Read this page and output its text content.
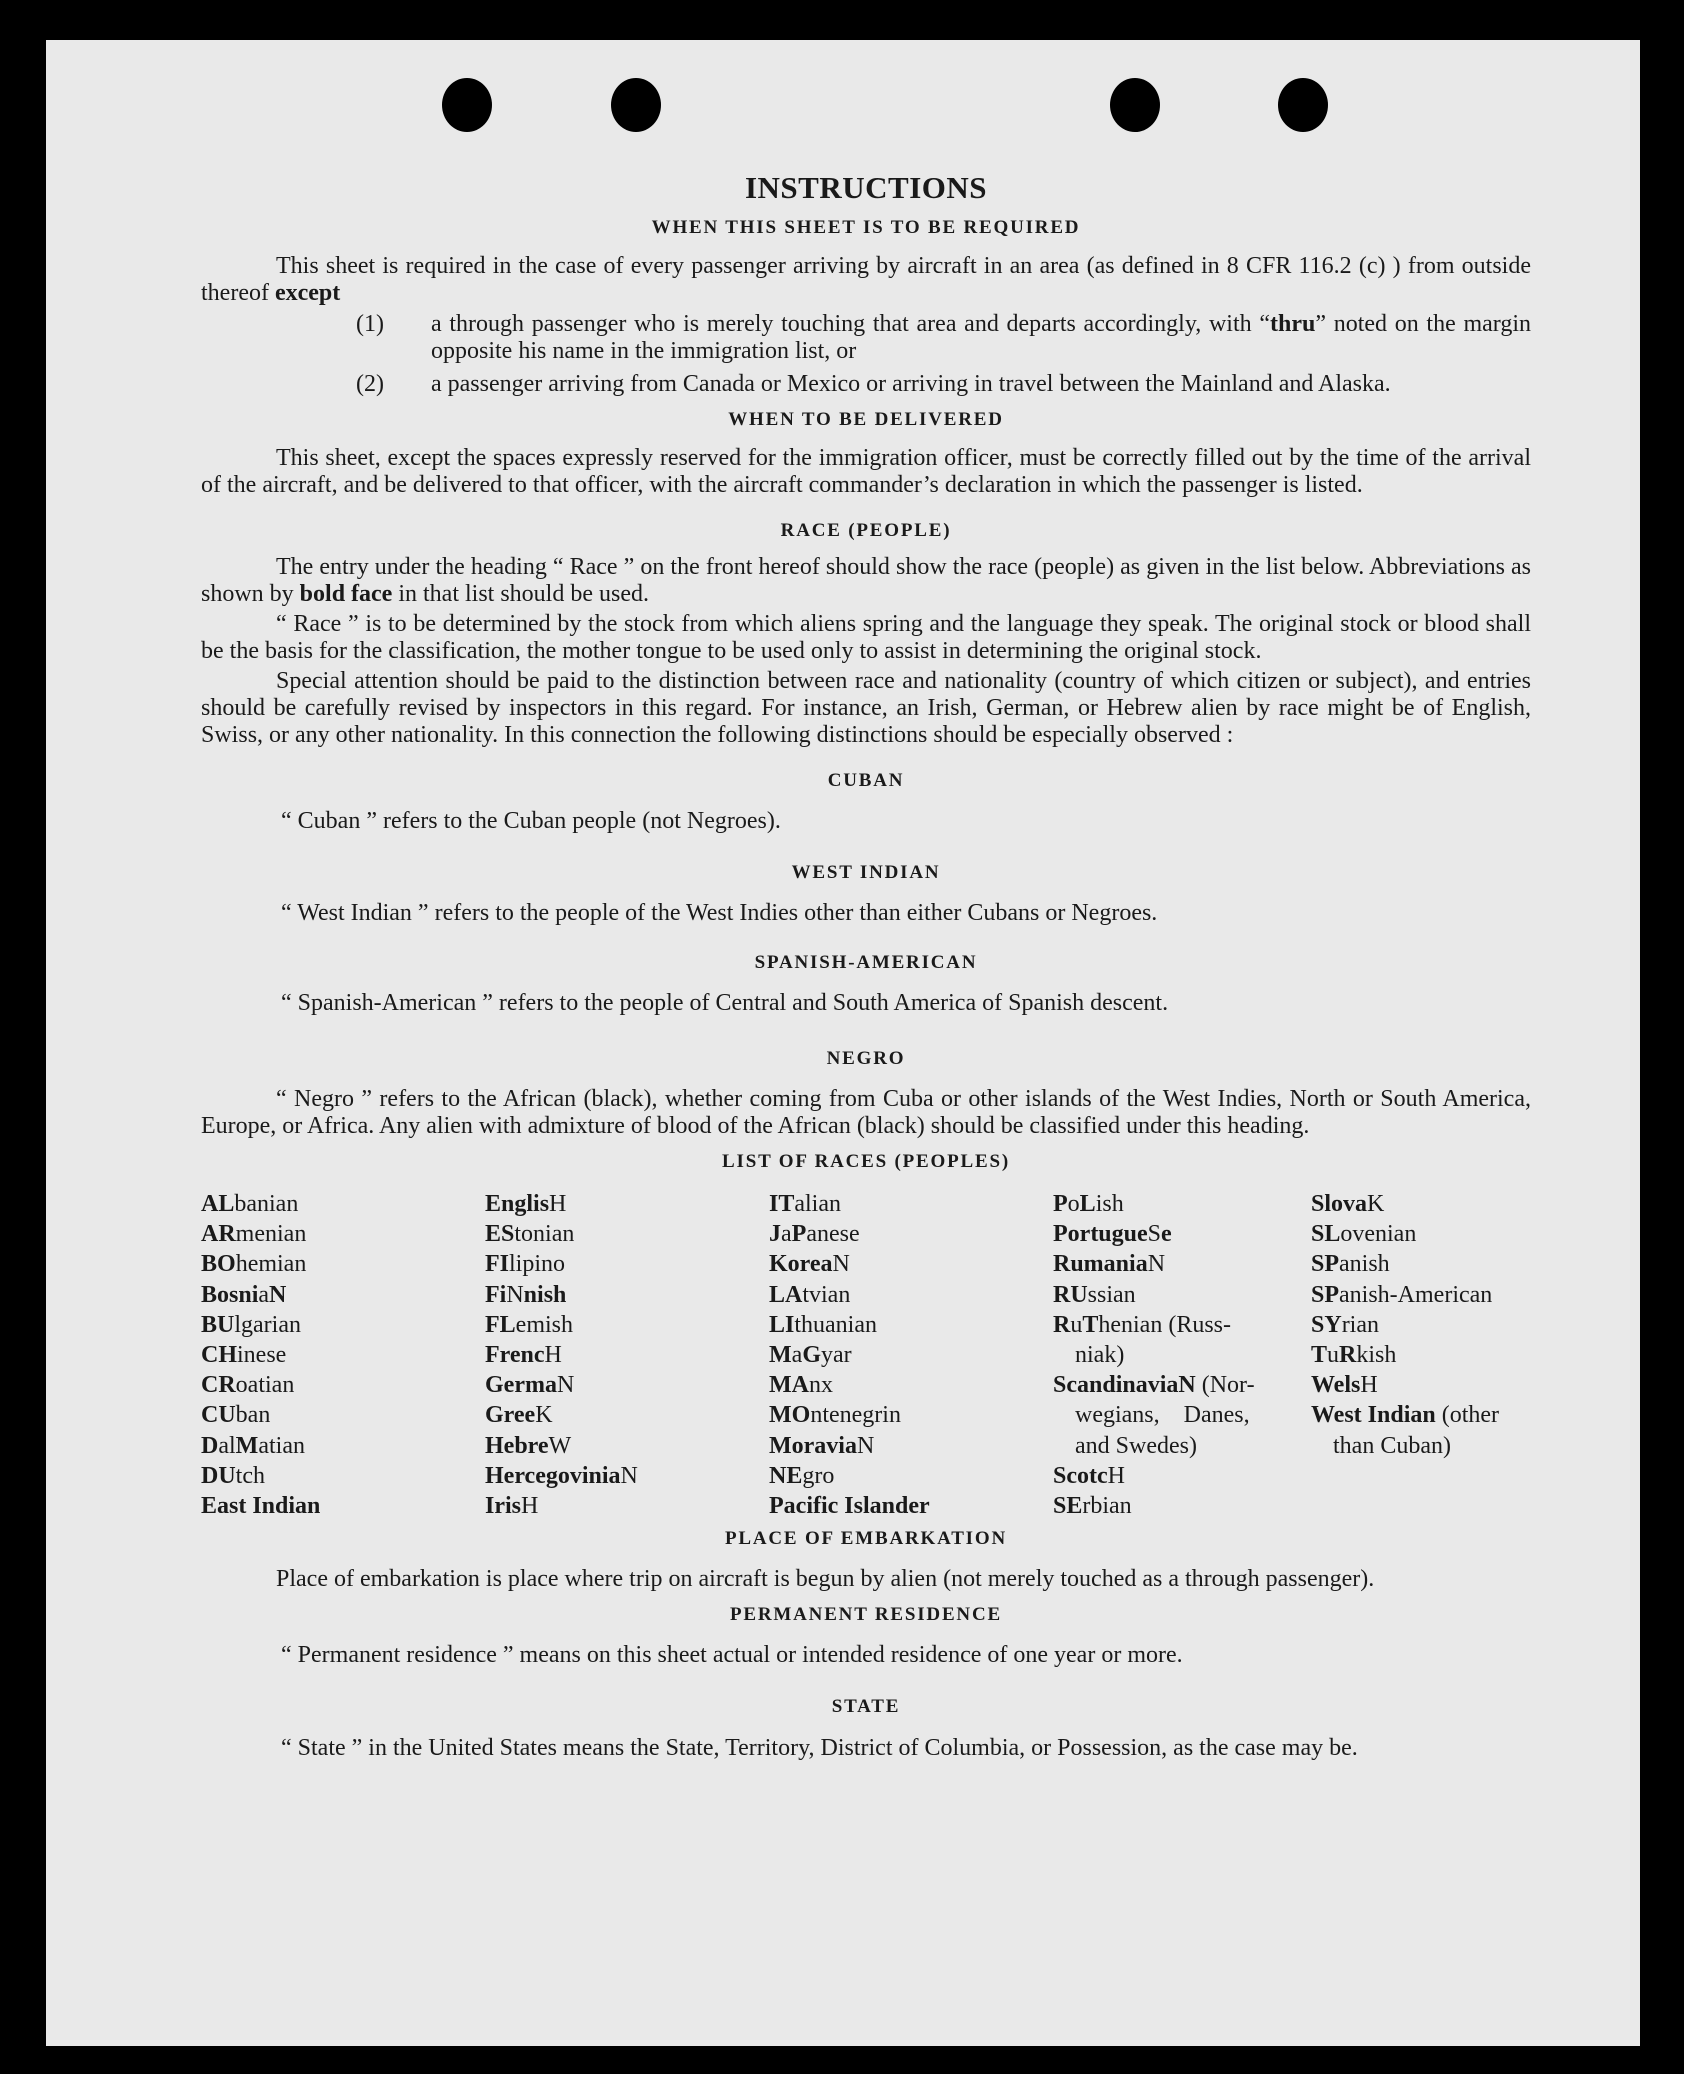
INSTRUCTIONS
WHEN THIS SHEET IS TO BE REQUIRED

This sheet is required in the case of every passenger arriving by aircraft in an area (as defined in 8 CFR 116.2 (c) ) from outside thereof except

(1) a through passenger who is merely touching that area and departs accordingly, with “thru” noted on the margin opposite his name in the immigration list, or
(2) a passenger arriving from Canada or Mexico or arriving in travel between the Mainland and Alaska.
WHEN TO BE DELIVERED

This sheet, except the spaces expressly reserved for the immigration officer, must be correctly filled out by the time of the arrival of the aircraft, and be delivered to that officer, with the aircraft commander’s declaration in which the passenger is listed.

RACE (PEOPLE)

The entry under the heading “ Race ” on the front hereof should show the race (people) as given in the list below. Abbreviations as shown by bold face in that list should be used.

“ Race ” is to be determined by the stock from which aliens spring and the language they speak. The original stock or blood shall be the basis for the classification, the mother tongue to be used only to assist in determining the original stock.

Special attention should be paid to the distinction between race and nationality (country of which citizen or subject), and entries should be carefully revised by inspectors in this regard. For instance, an Irish, German, or Hebrew alien by race might be of English, Swiss, or any other nationality. In this connection the following distinctions should be especially observed :

CUBAN

“ Cuban ” refers to the Cuban people (not Negroes).

WEST INDIAN

“ West Indian ” refers to the people of the West Indies other than either Cubans or Negroes.

SPANISH-AMERICAN

“ Spanish-American ” refers to the people of Central and South America of Spanish descent.

NEGRO

“ Negro ” refers to the African (black), whether coming from Cuba or other islands of the West Indies, North or South America, Europe, or Africa. Any alien with admixture of blood of the African (black) should be classified under this heading.

LIST OF RACES (PEOPLES)
ALbanian
ARmenian
BOhemian
BosniaN
BUlgarian
CHinese
CRoatian
CUban
DalMatian
DUtch
East Indian
EnglisH
EStonian
FIlipino
FiNnish
FLemish
FrencH
GermaN
GreeK
HebreW
HercegoviniaN
IrisH
ITalian
JaPanese
KoreaN
LAtvian
LIthuanian
MaGyar
MAnx
MOntenegrin
MoraviaN
NEgro
Pacific Islander
PoLish
PortugueSe
RumaniaN
RUssian
RuThenian (Russ-
niak)
ScandinaviaN (Nor-
wegians,    Danes,
and Swedes)
ScotcH
SErbian
SlovaK
SLovenian
SPanish
SPanish-American
SYrian
TuRkish
WelsH
West Indian (other
than Cuban)
PLACE OF EMBARKATION

Place of embarkation is place where trip on aircraft is begun by alien (not merely touched as a through passenger).

PERMANENT RESIDENCE

“ Permanent residence ” means on this sheet actual or intended residence of one year or more.

STATE

“ State ” in the United States means the State, Territory, District of Columbia, or Possession, as the case may be.
